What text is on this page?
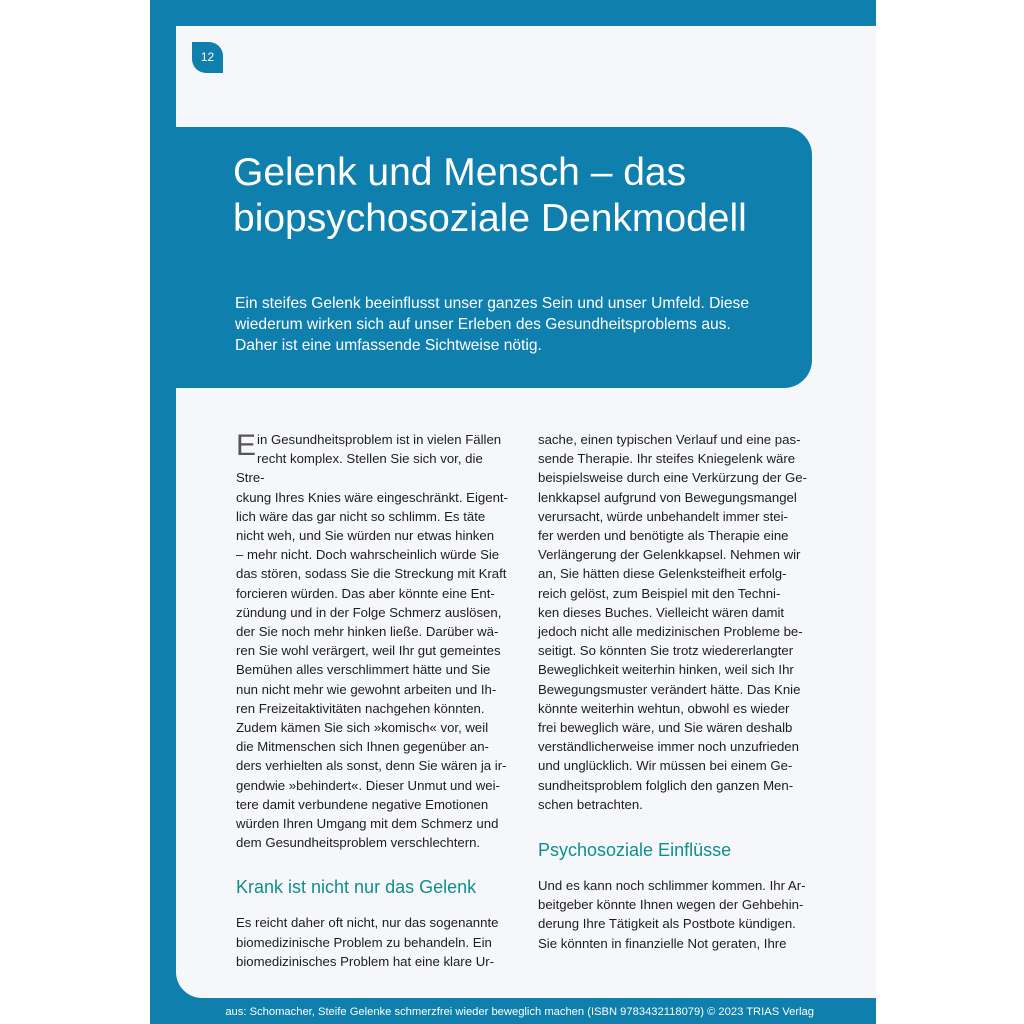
12
Gelenk und Mensch – das
biopsychosoziale Denkmodell

Ein steifes Gelenk beeinflusst unser ganzes Sein und unser Umfeld. Diese
wiederum wirken sich auf unser Erleben des Gesundheitsproblems aus.
Daher ist eine umfassende Sichtweise nötig.

E in Gesundheitsproblem ist in vielen Fällen
recht komplex. Stellen Sie sich vor, die Stre-
ckung Ihres Knies wäre eingeschränkt. Eigent-
lich wäre das gar nicht so schlimm. Es täte
nicht weh, und Sie würden nur etwas hinken
– mehr nicht. Doch wahrscheinlich würde Sie
das stören, sodass Sie die Streckung mit Kraft
forcieren würden. Das aber könnte eine Ent-
zündung und in der Folge Schmerz auslösen,
der Sie noch mehr hinken ließe. Darüber wä-
ren Sie wohl verärgert, weil Ihr gut gemeintes
Bemühen alles verschlimmert hätte und Sie
nun nicht mehr wie gewohnt arbeiten und Ih-
ren Freizeitaktivitäten nachgehen könnten.
Zudem kämen Sie sich »komisch« vor, weil
die Mitmenschen sich Ihnen gegenüber an-
ders verhielten als sonst, denn Sie wären ja ir-
gendwie »behindert«. Dieser Unmut und wei-
tere damit verbundene negative Emotionen
würden Ihren Umgang mit dem Schmerz und
dem Gesundheitsproblem verschlechtern.

Krank ist nicht nur das Gelenk

Es reicht daher oft nicht, nur das sogenannte
biomedizinische Problem zu behandeln. Ein
biomedizinisches Problem hat eine klare Ur-

sache, einen typischen Verlauf und eine pas-
sende Therapie. Ihr steifes Kniegelenk wäre
beispielsweise durch eine Verkürzung der Ge-
lenkkapsel aufgrund von Bewegungsmangel
verursacht, würde unbehandelt immer stei-
fer werden und benötigte als Therapie eine
Verlängerung der Gelenkkapsel. Nehmen wir
an, Sie hätten diese Gelenksteifheit erfolg-
reich gelöst, zum Beispiel mit den Techni-
ken dieses Buches. Vielleicht wären damit
jedoch nicht alle medizinischen Probleme be-
seitigt. So könnten Sie trotz wiedererlangter
Beweglichkeit weiterhin hinken, weil sich Ihr
Bewegungsmuster verändert hätte. Das Knie
könnte weiterhin wehtun, obwohl es wieder
frei beweglich wäre, und Sie wären deshalb
verständlicherweise immer noch unzufrieden
und unglücklich. Wir müssen bei einem Ge-
sundheitsproblem folglich den ganzen Men-
schen betrachten.

Psychosoziale Einflüsse

Und es kann noch schlimmer kommen. Ihr Ar-
beitgeber könnte Ihnen wegen der Gehbehin-
derung Ihre Tätigkeit als Postbote kündigen.
Sie könnten in finanzielle Not geraten, Ihre

aus: Schomacher, Steife Gelenke schmerzfrei wieder beweglich machen (ISBN 9783432118079) © 2023 TRIAS Verlag
